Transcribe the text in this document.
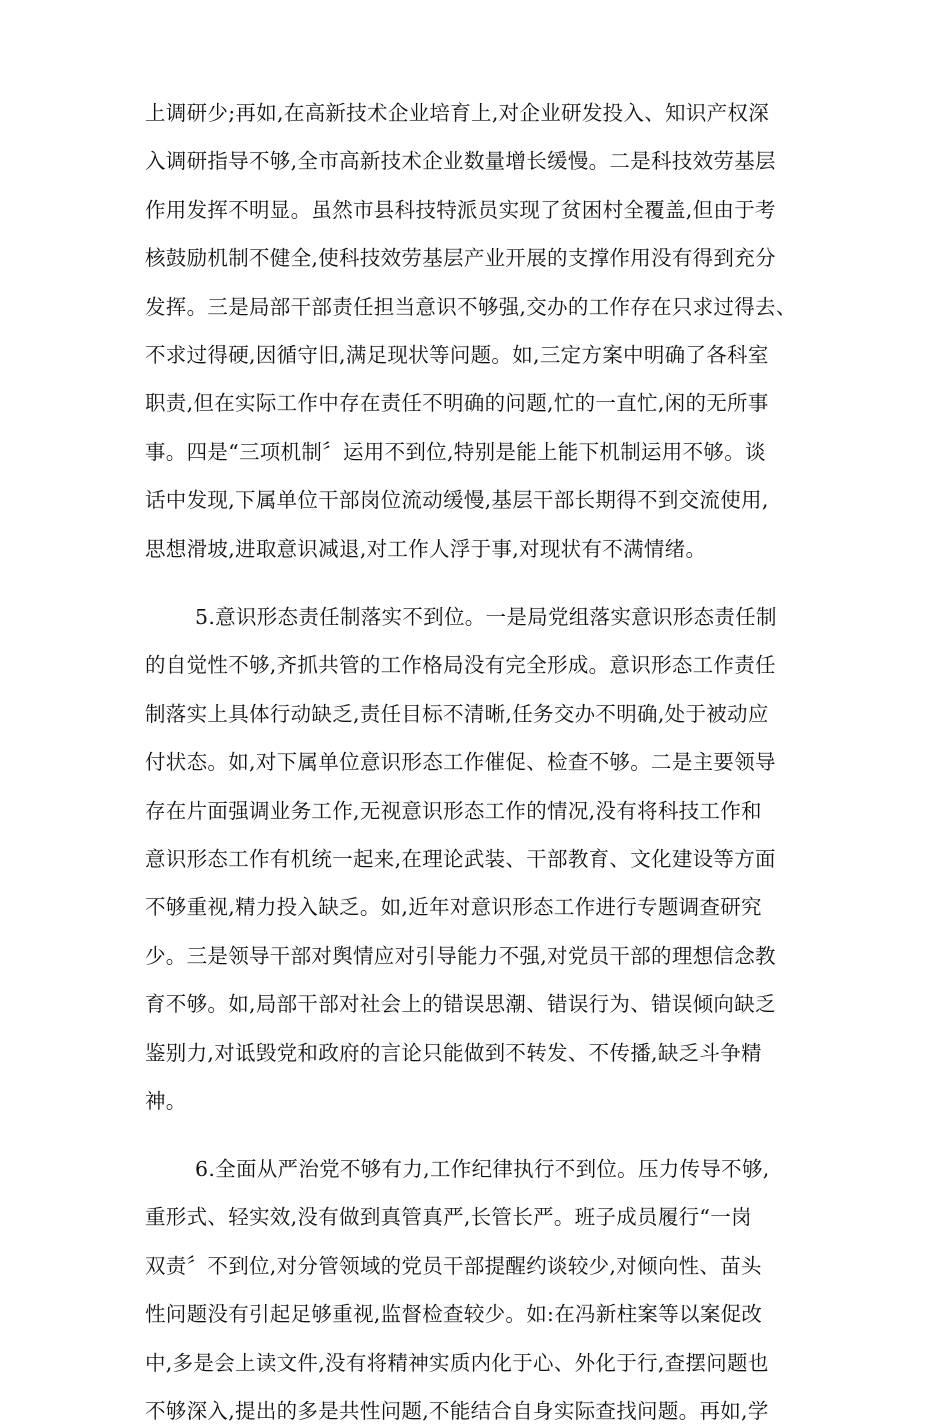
上调研少;再如,在高新技术企业培育上,对企业研发投入、知识产权深
入调研指导不够,全市高新技术企业数量增长缓慢。二是科技效劳基层
作用发挥不明显。虽然市县科技特派员实现了贫困村全覆盖,但由于考
核鼓励机制不健全,使科技效劳基层产业开展的支撑作用没有得到充分
发挥。三是局部干部责任担当意识不够强,交办的工作存在只求过得去、
不求过得硬,因循守旧,满足现状等问题。如,三定方案中明确了各科室
职责,但在实际工作中存在责任不明确的问题,忙的一直忙,闲的无所事
事。四是“三项机制〞运用不到位,特别是能上能下机制运用不够。谈
话中发现,下属单位干部岗位流动缓慢,基层干部长期得不到交流使用,
思想滑坡,进取意识减退,对工作人浮于事,对现状有不满情绪。
5.意识形态责任制落实不到位。一是局党组落实意识形态责任制
的自觉性不够,齐抓共管的工作格局没有完全形成。意识形态工作责任
制落实上具体行动缺乏,责任目标不清晰,任务交办不明确,处于被动应
付状态。如,对下属单位意识形态工作催促、检查不够。二是主要领导
存在片面强调业务工作,无视意识形态工作的情况,没有将科技工作和
意识形态工作有机统一起来,在理论武装、干部教育、文化建设等方面
不够重视,精力投入缺乏。如,近年对意识形态工作进行专题调查研究
少。三是领导干部对舆情应对引导能力不强,对党员干部的理想信念教
育不够。如,局部干部对社会上的错误思潮、错误行为、错误倾向缺乏
鉴别力,对诋毁党和政府的言论只能做到不转发、不传播,缺乏斗争精
神。
6.全面从严治党不够有力,工作纪律执行不到位。压力传导不够,
重形式、轻实效,没有做到真管真严,长管长严。班子成员履行“一岗
双责〞不到位,对分管领域的党员干部提醒约谈较少,对倾向性、苗头
性问题没有引起足够重视,监督检查较少。如:在冯新柱案等以案促改
中,多是会上读文件,没有将精神实质内化于心、外化于行,查摆问题也
不够深入,提出的多是共性问题,不能结合自身实际查找问题。再如,学
